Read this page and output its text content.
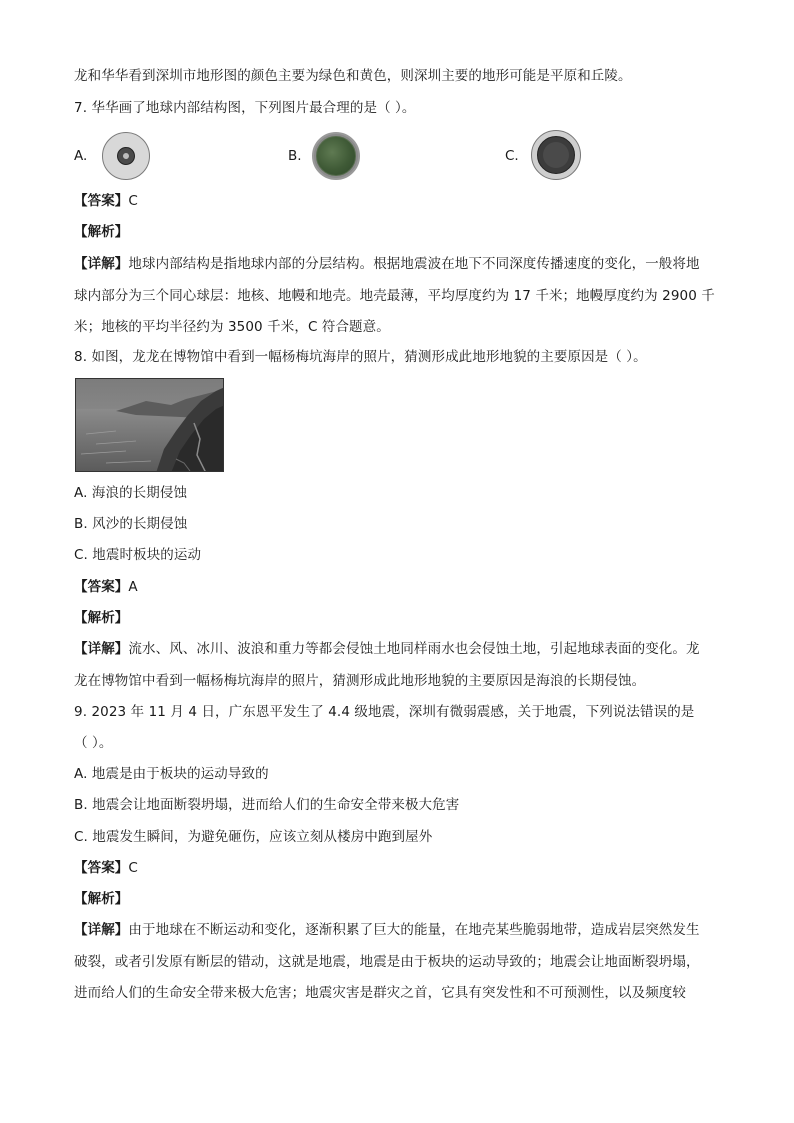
龙和华华看到深圳市地形图的颜色主要为绿色和黄色，则深圳主要的地形可能是平原和丘陵。
7. 华华画了地球内部结构图，下列图片最合理的是（ ）。
A.	B.	C.
【答案】C
【解析】
【详解】地球内部结构是指地球内部的分层结构。根据地震波在地下不同深度传播速度的变化，一般将地
球内部分为三个同心球层：地核、地幔和地壳。地壳最薄，平均厚度约为 17 千米；地幔厚度约为 2900 千
米；地核的平均半径约为 3500 千米，C 符合题意。
8. 如图，龙龙在博物馆中看到一幅杨梅坑海岸的照片，猜测形成此地形地貌的主要原因是（ ）。
A. 海浪的长期侵蚀
B. 风沙的长期侵蚀
C. 地震时板块的运动
【答案】A
【解析】
【详解】流水、风、冰川、波浪和重力等都会侵蚀土地同样雨水也会侵蚀土地，引起地球表面的变化。龙
龙在博物馆中看到一幅杨梅坑海岸的照片，猜测形成此地形地貌的主要原因是海浪的长期侵蚀。
9. 2023 年 11 月 4 日，广东恩平发生了 4.4 级地震，深圳有微弱震感，关于地震，下列说法错误的是
（ ）。
A. 地震是由于板块的运动导致的
B. 地震会让地面断裂坍塌，进而给人们的生命安全带来极大危害
C. 地震发生瞬间，为避免砸伤，应该立刻从楼房中跑到屋外
【答案】C
【解析】
【详解】由于地球在不断运动和变化，逐渐积累了巨大的能量，在地壳某些脆弱地带，造成岩层突然发生
破裂，或者引发原有断层的错动，这就是地震，地震是由于板块的运动导致的；地震会让地面断裂坍塌，
进而给人们的生命安全带来极大危害；地震灾害是群灾之首，它具有突发性和不可预测性，以及频度较
